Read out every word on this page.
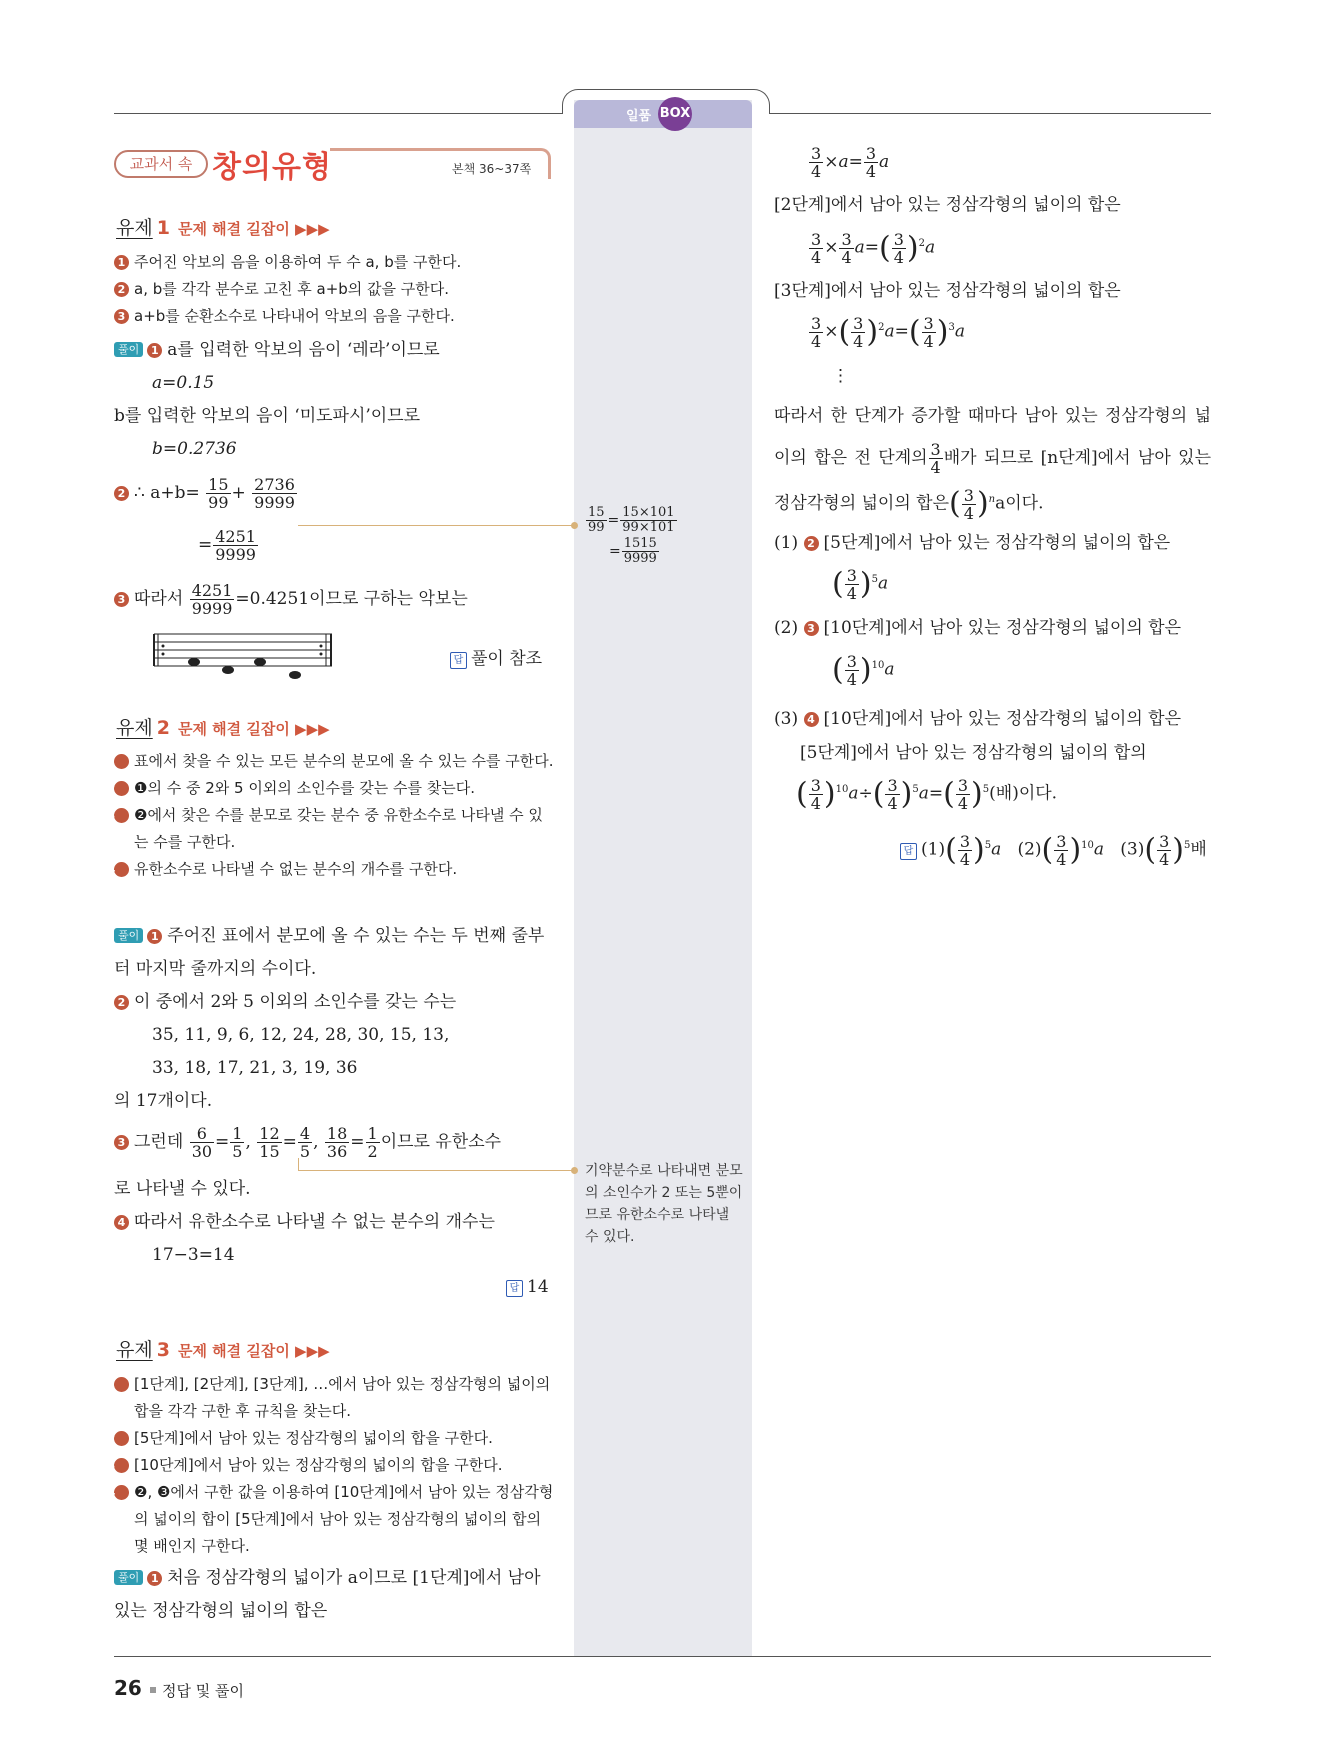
일품 BOX
교과서 속 창의유형	본책 36~37쪽
유제 1 문제 해결 길잡이 ▶▶▶
1 주어진 악보의 음을 이용하여 두 수 a, b를 구한다.
2 a, b를 각각 분수로 고친 후 a+b의 값을 구한다.
3 a+b를 순환소수로 나타내어 악보의 음을 구한다.
풀이 1 a를 입력한 악보의 음이 ‘레라’이므로
a=0.15
b를 입력한 악보의 음이 ‘미도파시’이므로
b=0.2736
2 ∴ $a+b= \frac{15}{99} + \frac{2736}{9999}$
= $\frac{4251}{9999}$
3 따라서 $\frac{4251}{9999} =0.4251$이므로 구하는 악보는
답 풀이 참조
$\frac{15}{99} = \frac{15\times 101}{99\times 101}$
= $\frac{1515}{9999}$
유제 2 문제 해결 길잡이 ▶▶▶
1 표에서 찾을 수 있는 모든 분수의 분모에 올 수 있는 수를 구한다.
2 ❶의 수 중 2와 5 이외의 소인수를 갖는 수를 찾는다.
3 ❷에서 찾은 수를 분모로 갖는 분수 중 유한소수로 나타낼 수 있는 수를 구한다.
4 유한소수로 나타낼 수 없는 분수의 개수를 구한다.
풀이 1 주어진 표에서 분모에 올 수 있는 수는 두 번째 줄부터 마지막 줄까지의 수이다.
2 이 중에서 2와 5 이외의 소인수를 갖는 수는
35, 11, 9, 6, 12, 24, 28, 30, 15, 13,
33, 18, 17, 21, 3, 19, 36
의 17개이다.
3 그런데 $\frac{6}{30} = \frac{1}{5}$ , $\frac{12}{15} = \frac{4}{5}$ , $\frac{18}{36} = \frac{1}{2}$ 이므로 유한소수
로 나타낼 수 있다.
4 따라서 유한소수로 나타낼 수 없는 분수의 개수는
17−3=14
답 14
기약분수로 나타내면 분모의 소인수가 2 또는 5뿐이므로 유한소수로 나타낼 수 있다.
유제 3 문제 해결 길잡이 ▶▶▶
1 [1단계], [2단계], [3단계], …에서 남아 있는 정삼각형의 넓이의 합을 각각 구한 후 규칙을 찾는다.
2 [5단계]에서 남아 있는 정삼각형의 넓이의 합을 구한다.
3 [10단계]에서 남아 있는 정삼각형의 넓이의 합을 구한다.
4 ❷, ❸에서 구한 값을 이용하여 [10단계]에서 남아 있는 정삼각형의 넓이의 합이 [5단계]에서 남아 있는 정삼각형의 넓이의 합의 몇 배인지 구한다.
풀이 1 처음 정삼각형의 넓이가 a이므로 [1단계]에서 남아 있는 정삼각형의 넓이의 합은
$\frac{3}{4} \times a= \frac{3}{4}$ a
[2단계]에서 남아 있는 정삼각형의 넓이의 합은
$\frac{3}{4} \times \frac{3}{4} a=( \frac{3}{4} )^2a$
[3단계]에서 남아 있는 정삼각형의 넓이의 합은
$\frac{3}{4}$ ×( $\frac{3}{4} )^2a=( \frac{3}{4} )^3a$
⋮
따라서 한 단계가 증가할 때마다 남아 있는 정삼각형의 넓이의 합은 전 단계의 $\frac{3}{4}$ 배가 되므로 [n단계]에서 남아 있는 정삼각형의 넓이의 합은( $\frac{3}{4} )^na$이다.
(1) 2 [5단계]에서 남아 있는 정삼각형의 넓이의 합은
( $\frac{3}{4} )^5a$
(2) 3 [10단계]에서 남아 있는 정삼각형의 넓이의 합은
( $\frac{3}{4} )^{10}a$
(3) 4 [10단계]에서 남아 있는 정삼각형의 넓이의 합은
[5단계]에서 남아 있는 정삼각형의 넓이의 합의
( $\frac{3}{4} )^{10}a\div( \frac{3}{4} )^5a=( \frac{3}{4} )^5$(배)이다.
답 $(1)( \frac{3}{4} )^5a$ $(2)( \frac{3}{4} )^{10}a$ $(3)( \frac{3}{4} )^5$배
26 정답 및 풀이
